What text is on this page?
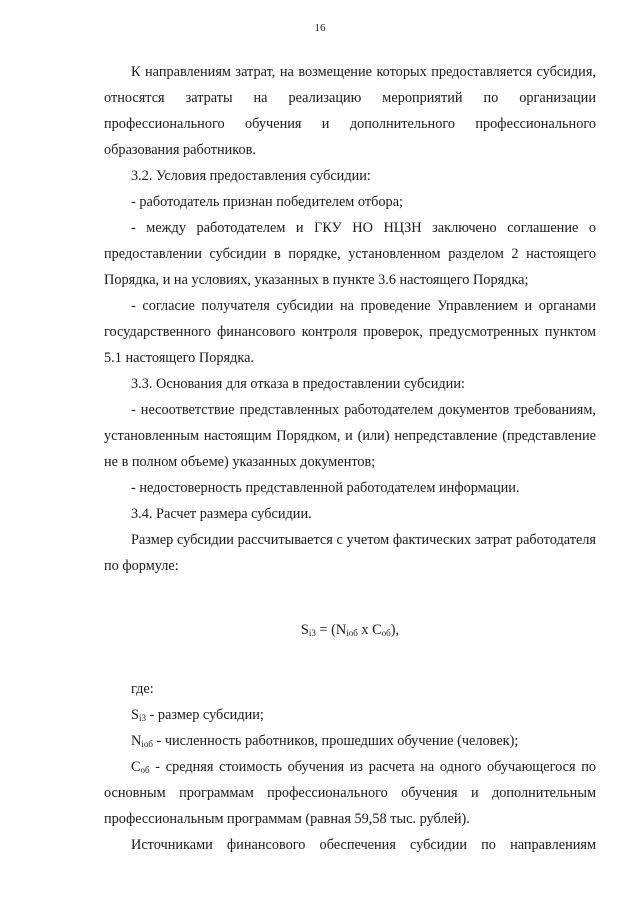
16

К направлениям затрат, на возмещение которых предоставляется субсидия, относятся затраты на реализацию мероприятий по организации профессионального обучения и дополнительного профессионального образования работников.

3.2. Условия предоставления субсидии:

- работодатель признан победителем отбора;

- между работодателем и ГКУ НО НЦЗН заключено соглашение о предоставлении субсидии в порядке, установленном разделом 2 настоящего Порядка, и на условиях, указанных в пункте 3.6 настоящего Порядка;

- согласие получателя субсидии на проведение Управлением и органами государственного финансового контроля проверок, предусмотренных пунктом 5.1 настоящего Порядка.

3.3. Основания для отказа в предоставлении субсидии:

- несоответствие представленных работодателем документов требованиям, установленным настоящим Порядком, и (или) непредставление (представление не в полном объеме) указанных документов;

- недостоверность представленной работодателем информации.

3.4. Расчет размера субсидии.

Размер субсидии рассчитывается с учетом фактических затрат работодателя по формуле:

$S_{i3} = (N_{iоб}$ x $C_{об}$),

где:

$S_{i3}$ - размер субсидии;

$N_{iоб}$ - численность работников, прошедших обучение (человек);

$C_{об}$ - средняя стоимость обучения из расчета на одного обучающегося по основным программам профессионального обучения и дополнительным профессиональным программам (равная 59,58 тыс. рублей).

Источниками финансового обеспечения субсидии по направлениям
